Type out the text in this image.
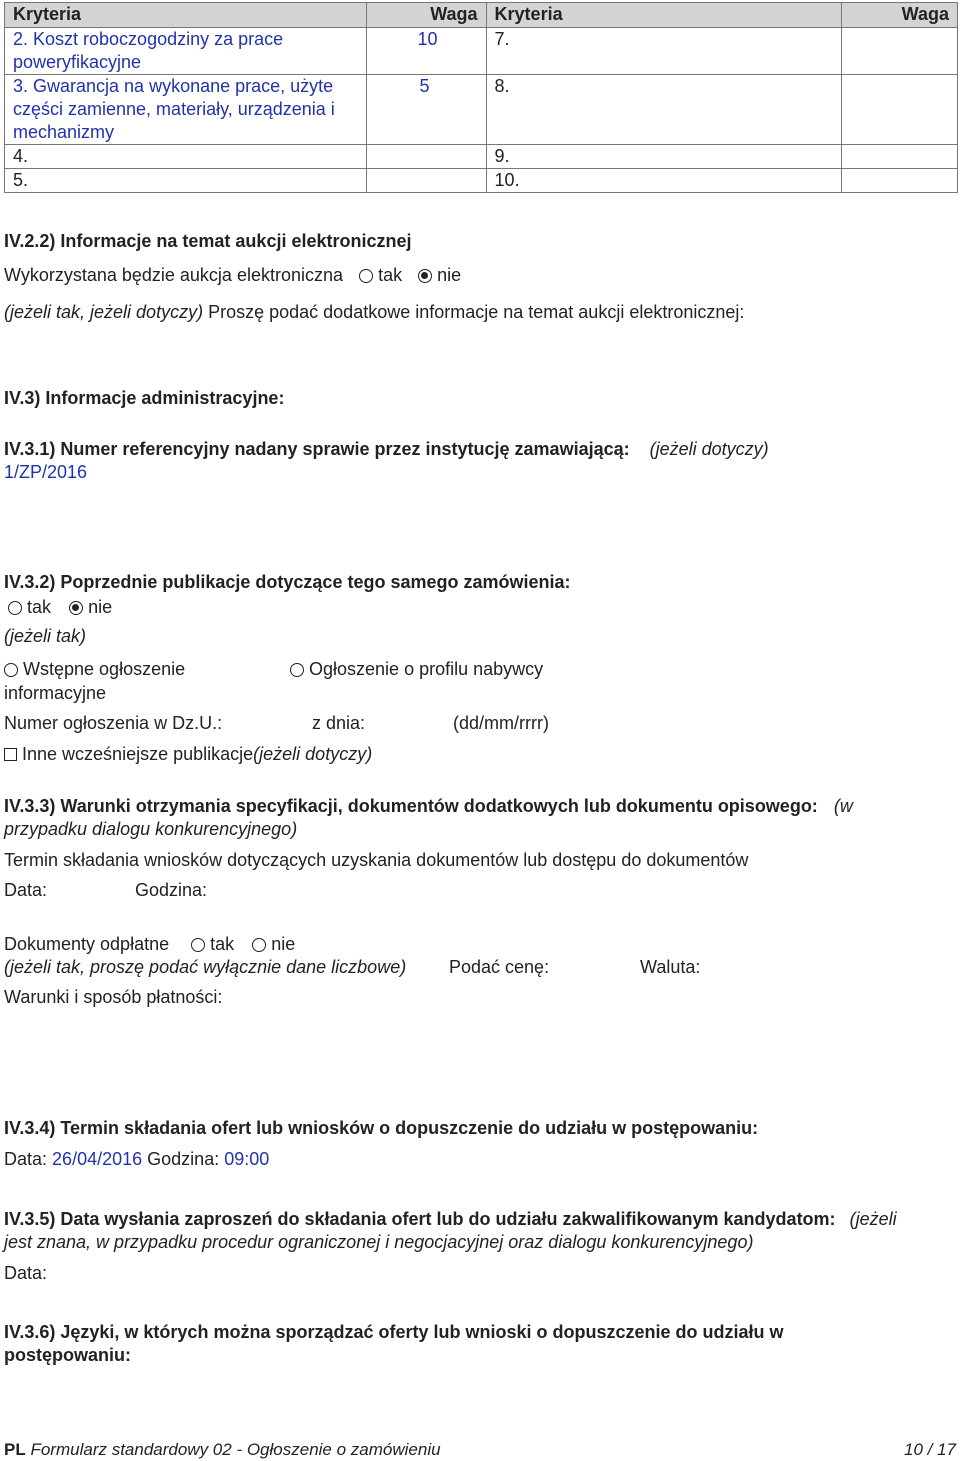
Kryteria	Waga	Kryteria	Waga
2. Koszt roboczogodziny za prace poweryfikacyjne	10	7.	
3. Gwarancja na wykonane prace, użyte części zamienne, materiały, urządzenia i mechanizmy	5	8.	
4.		9.	
5.		10.	
IV.2.2) Informacje na temat aukcji elektronicznej
Wykorzystana będzie aukcja elektroniczna tak nie
(jeżeli tak, jeżeli dotyczy) Proszę podać dodatkowe informacje na temat aukcji elektronicznej:
IV.3) Informacje administracyjne:
IV.3.1) Numer referencyjny nadany sprawie przez instytucję zamawiającą: (jeżeli dotyczy)
1/ZP/2016
IV.3.2) Poprzednie publikacje dotyczące tego samego zamówienia:
tak nie
(jeżeli tak)
Wstępne ogłoszenie
informacyjne
Ogłoszenie o profilu nabywcy
Numer ogłoszenia w Dz.U.:	z dnia:	(dd/mm/rrrr)
Inne wcześniejsze publikacje(jeżeli dotyczy)
IV.3.3) Warunki otrzymania specyfikacji, dokumentów dodatkowych lub dokumentu opisowego: (w
przypadku dialogu konkurencyjnego)
Termin składania wniosków dotyczących uzyskania dokumentów lub dostępu do dokumentów
Data:	Godzina:
Dokumenty odpłatne tak nie
(jeżeli tak, proszę podać wyłącznie dane liczbowe) Podać cenę:	Waluta:
Warunki i sposób płatności:
IV.3.4) Termin składania ofert lub wniosków o dopuszczenie do udziału w postępowaniu:
Data: 26/04/2016 Godzina: 09:00
IV.3.5) Data wysłania zaproszeń do składania ofert lub do udziału zakwalifikowanym kandydatom: (jeżeli
jest znana, w przypadku procedur ograniczonej i negocjacyjnej oraz dialogu konkurencyjnego)
Data:
IV.3.6) Języki, w których można sporządzać oferty lub wnioski o dopuszczenie do udziału w
postępowaniu:
PL Formularz standardowy 02 - Ogłoszenie o zamówieniu	10 / 17
